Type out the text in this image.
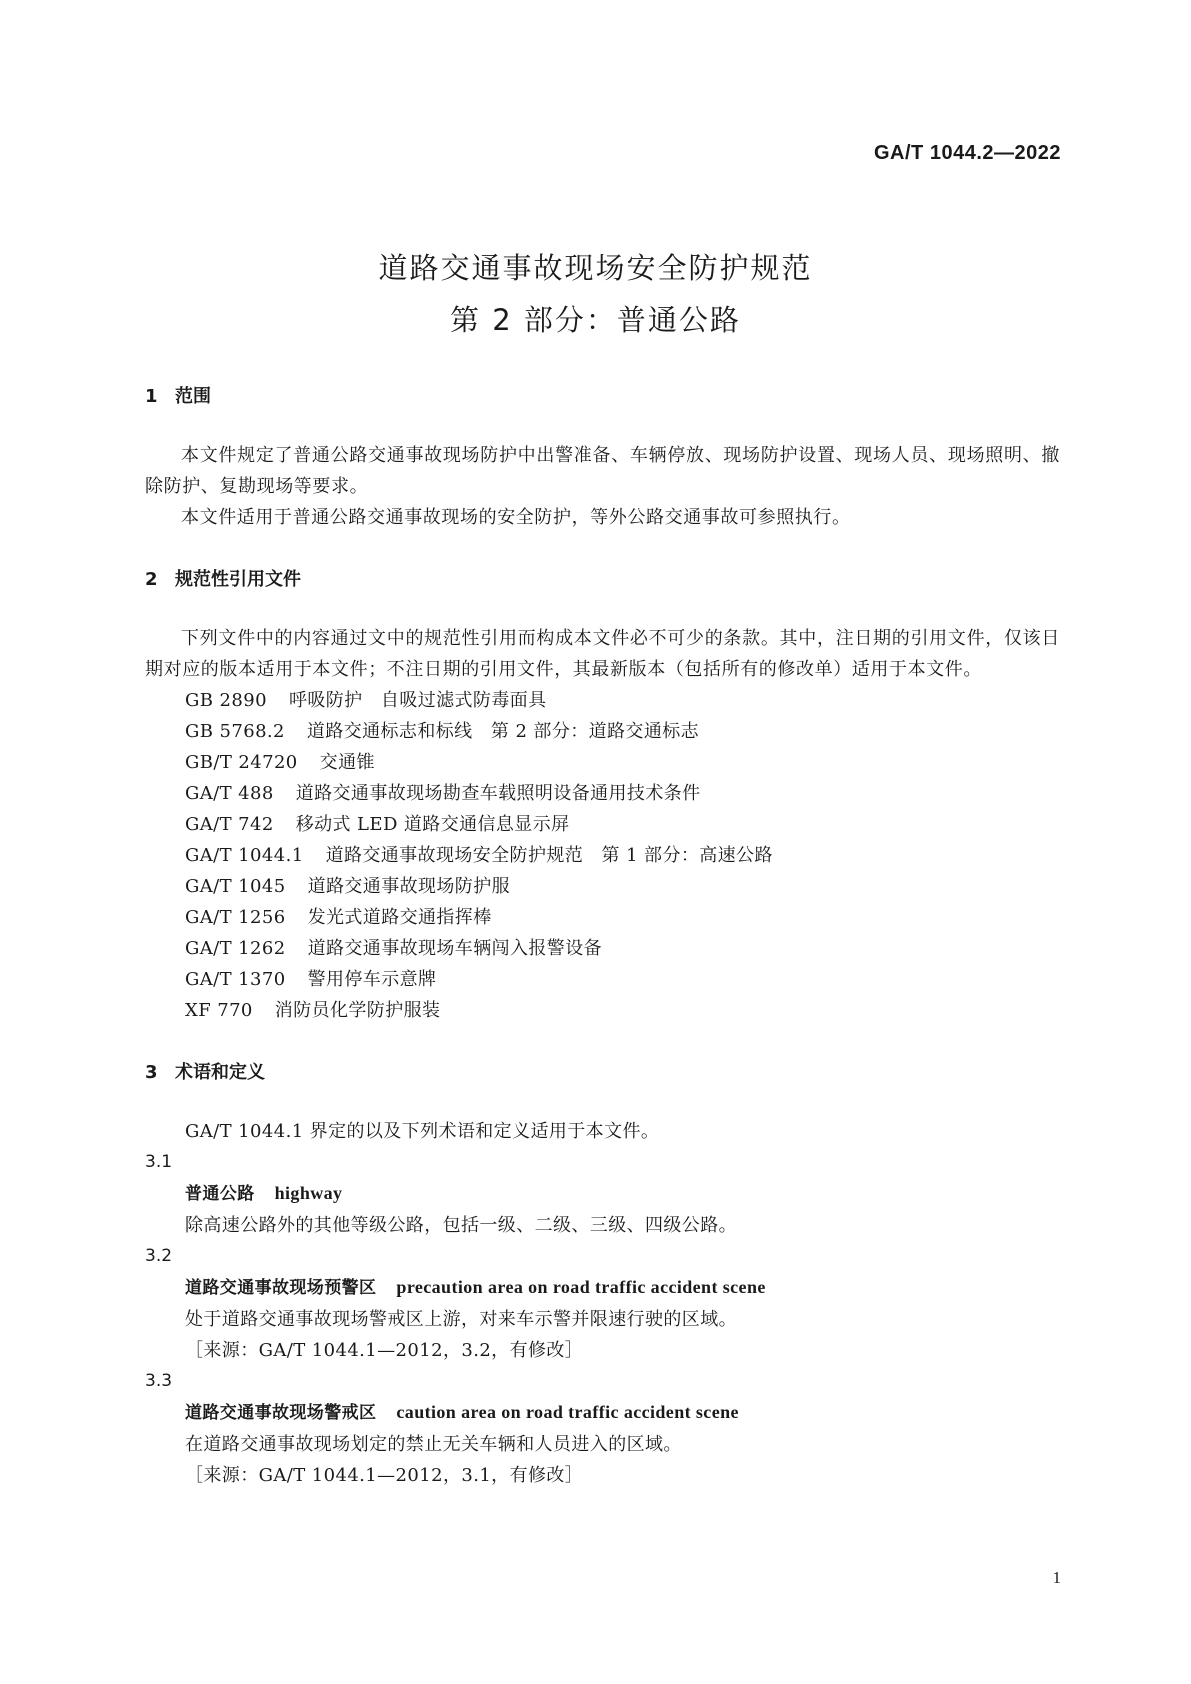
GA/T 1044.2—2022
道路交通事故现场安全防护规范
第 2 部分：普通公路
1 范围
本文件规定了普通公路交通事故现场防护中出警准备、车辆停放、现场防护设置、现场人员、现场照明、撤除防护、复勘现场等要求。
本文件适用于普通公路交通事故现场的安全防护，等外公路交通事故可参照执行。
2 规范性引用文件
下列文件中的内容通过文中的规范性引用而构成本文件必不可少的条款。其中，注日期的引用文件，仅该日期对应的版本适用于本文件；不注日期的引用文件，其最新版本（包括所有的修改单）适用于本文件。
GB 2890 呼吸防护　自吸过滤式防毒面具
GB 5768.2 道路交通标志和标线　第 2 部分：道路交通标志
GB/T 24720 交通锥
GA/T 488 道路交通事故现场勘查车载照明设备通用技术条件
GA/T 742 移动式 LED 道路交通信息显示屏
GA/T 1044.1 道路交通事故现场安全防护规范　第 1 部分：高速公路
GA/T 1045 道路交通事故现场防护服
GA/T 1256 发光式道路交通指挥棒
GA/T 1262 道路交通事故现场车辆闯入报警设备
GA/T 1370 警用停车示意牌
XF 770 消防员化学防护服装
3 术语和定义
GA/T 1044.1 界定的以及下列术语和定义适用于本文件。
3.1
普通公路 highway
除高速公路外的其他等级公路，包括一级、二级、三级、四级公路。
3.2
道路交通事故现场预警区 precaution area on road traffic accident scene
处于道路交通事故现场警戒区上游，对来车示警并限速行驶的区域。
［来源：GA/T 1044.1—2012，3.2，有修改］
3.3
道路交通事故现场警戒区 caution area on road traffic accident scene
在道路交通事故现场划定的禁止无关车辆和人员进入的区域。
［来源：GA/T 1044.1—2012，3.1，有修改］
1
